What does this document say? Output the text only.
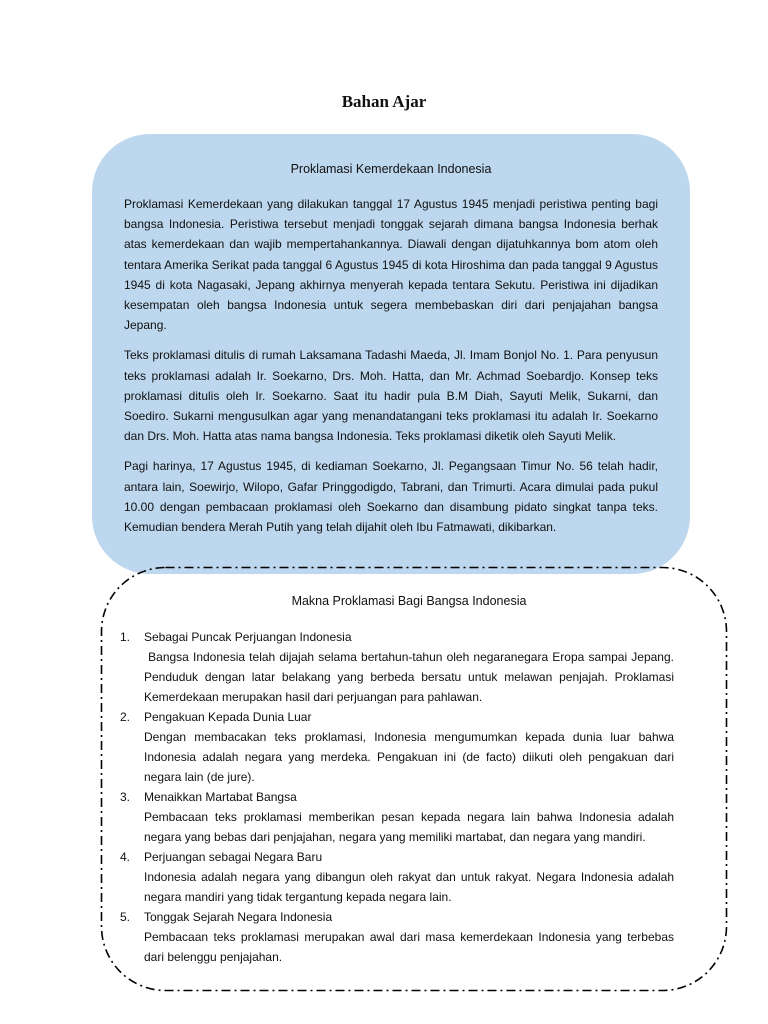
Bahan Ajar

Proklamasi Kemerdekaan Indonesia

Proklamasi Kemerdekaan yang dilakukan tanggal 17 Agustus 1945 menjadi peristiwa penting bagi bangsa Indonesia. Peristiwa tersebut menjadi tonggak sejarah dimana bangsa Indonesia berhak atas kemerdekaan dan wajib mempertahankannya. Diawali dengan dijatuhkannya bom atom oleh tentara Amerika Serikat pada tanggal 6 Agustus 1945 di kota Hiroshima dan pada tanggal 9 Agustus 1945 di kota Nagasaki, Jepang akhirnya menyerah kepada tentara Sekutu. Peristiwa ini dijadikan kesempatan oleh bangsa Indonesia untuk segera membebaskan diri dari penjajahan bangsa Jepang.

Teks proklamasi ditulis di rumah Laksamana Tadashi Maeda, Jl. Imam Bonjol No. 1. Para penyusun teks proklamasi adalah Ir. Soekarno, Drs. Moh. Hatta, dan Mr. Achmad Soebardjo. Konsep teks proklamasi ditulis oleh Ir. Soekarno. Saat itu hadir pula B.M Diah, Sayuti Melik, Sukarni, dan Soediro. Sukarni mengusulkan agar yang menandatangani teks proklamasi itu adalah Ir. Soekarno dan Drs. Moh. Hatta atas nama bangsa Indonesia. Teks proklamasi diketik oleh Sayuti Melik.

Pagi harinya, 17 Agustus 1945, di kediaman Soekarno, Jl. Pegangsaan Timur No. 56 telah hadir, antara lain, Soewirjo, Wilopo, Gafar Pringgodigdo, Tabrani, dan Trimurti. Acara dimulai pada pukul 10.00 dengan pembacaan proklamasi oleh Soekarno dan disambung pidato singkat tanpa teks. Kemudian bendera Merah Putih yang telah dijahit oleh Ibu Fatmawati, dikibarkan.

Makna Proklamasi Bagi Bangsa Indonesia

1. Sebagai Puncak Perjuangan Indonesia
Bangsa Indonesia telah dijajah selama bertahun-tahun oleh negaranegara Eropa sampai Jepang. Penduduk dengan latar belakang yang berbeda bersatu untuk melawan penjajah. Proklamasi Kemerdekaan merupakan hasil dari perjuangan para pahlawan.
2. Pengakuan Kepada Dunia Luar
Dengan membacakan teks proklamasi, Indonesia mengumumkan kepada dunia luar bahwa Indonesia adalah negara yang merdeka. Pengakuan ini (de facto) diikuti oleh pengakuan dari negara lain (de jure).
3. Menaikkan Martabat Bangsa
Pembacaan teks proklamasi memberikan pesan kepada negara lain bahwa Indonesia adalah negara yang bebas dari penjajahan, negara yang memiliki martabat, dan negara yang mandiri.
4. Perjuangan sebagai Negara Baru
Indonesia adalah negara yang dibangun oleh rakyat dan untuk rakyat. Negara Indonesia adalah negara mandiri yang tidak tergantung kepada negara lain.
5. Tonggak Sejarah Negara Indonesia
Pembacaan teks proklamasi merupakan awal dari masa kemerdekaan Indonesia yang terbebas dari belenggu penjajahan.
